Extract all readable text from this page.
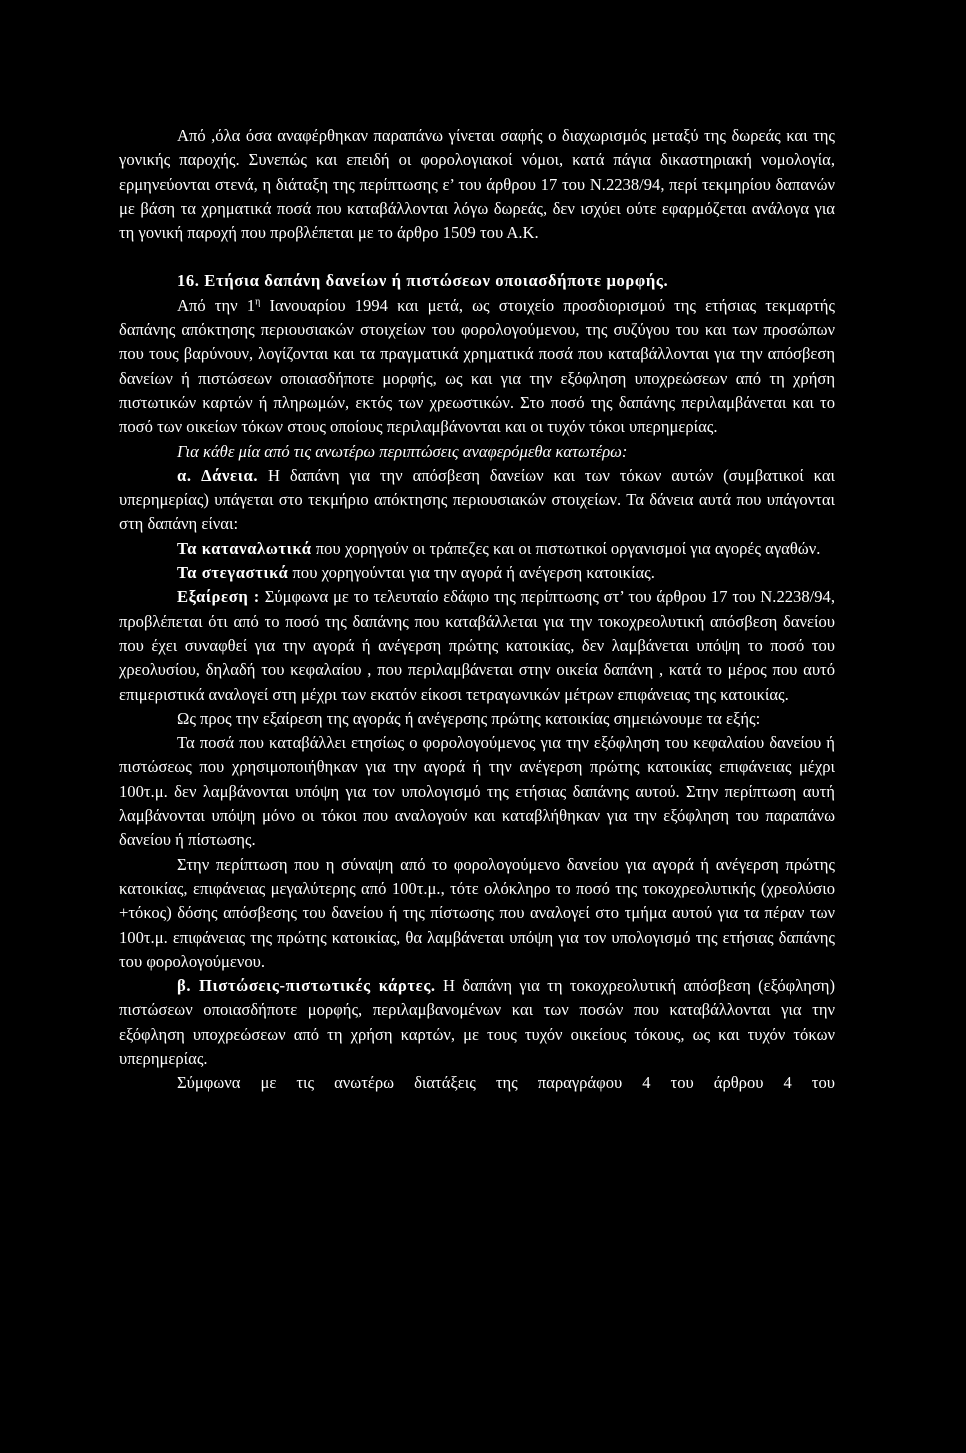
Από ,όλα όσα αναφέρθηκαν παραπάνω γίνεται σαφής ο διαχωρισμός μεταξύ της δωρεάς και της γονικής παροχής. Συνεπώς και επειδή οι φορολογιακοί νόμοι, κατά πάγια δικαστηριακή νομολογία, ερμηνεύονται στενά, η διάταξη της περίπτωσης ε’ του άρθρου 17 του Ν.2238/94, περί τεκμηρίου δαπανών με βάση τα χρηματικά ποσά που καταβάλλονται λόγω δωρεάς, δεν ισχύει ούτε εφαρμόζεται ανάλογα για τη γονική παροχή που προβλέπεται με το άρθρο 1509 του Α.Κ.

16. Ετήσια δαπάνη δανείων ή πιστώσεων οποιασδήποτε μορφής.

Από την $1^\eta$ Ιανουαρίου 1994 και μετά, ως στοιχείο προσδιορισμού της ετήσιας τεκμαρτής δαπάνης απόκτησης περιουσιακών στοιχείων του φορολογούμενου, της συζύγου του και των προσώπων που τους βαρύνουν, λογίζονται και τα πραγματικά χρηματικά ποσά που καταβάλλονται για την απόσβεση δανείων ή πιστώσεων οποιασδήποτε μορφής, ως και για την εξόφληση υποχρεώσεων από τη χρήση πιστωτικών καρτών ή πληρωμών, εκτός των χρεωστικών. Στο ποσό της δαπάνης περιλαμβάνεται και το ποσό των οικείων τόκων στους οποίους περιλαμβάνονται και οι τυχόν τόκοι υπερημερίας.

Για κάθε μία από τις ανωτέρω περιπτώσεις αναφερόμεθα κατωτέρω:

α. Δάνεια. Η δαπάνη για την απόσβεση δανείων και των τόκων αυτών (συμβατικοί και υπερημερίας) υπάγεται στο τεκμήριο απόκτησης περιουσιακών στοιχείων. Τα δάνεια αυτά που υπάγονται στη δαπάνη είναι:

Τα καταναλωτικά που χορηγούν οι τράπεζες και οι πιστωτικοί οργανισμοί για αγορές αγαθών.

Τα στεγαστικά που χορηγούνται για την αγορά ή ανέγερση κατοικίας.

Εξαίρεση : Σύμφωνα με το τελευταίο εδάφιο της περίπτωσης στ’ του άρθρου 17 του Ν.2238/94, προβλέπεται ότι από το ποσό της δαπάνης που καταβάλλεται για την τοκοχρεολυτική απόσβεση δανείου που έχει συναφθεί για την αγορά ή ανέγερση πρώτης κατοικίας, δεν λαμβάνεται υπόψη το ποσό του χρεολυσίου, δηλαδή του κεφαλαίου , που περιλαμβάνεται στην οικεία δαπάνη , κατά το μέρος που αυτό επιμεριστικά αναλογεί στη μέχρι των εκατόν είκοσι τετραγωνικών μέτρων επιφάνειας της κατοικίας.

Ως προς την εξαίρεση της αγοράς ή ανέγερσης πρώτης κατοικίας σημειώνουμε τα εξής:

Τα ποσά που καταβάλλει ετησίως ο φορολογούμενος για την εξόφληση του κεφαλαίου δανείου ή πιστώσεως που χρησιμοποιήθηκαν για την αγορά ή την ανέγερση πρώτης κατοικίας επιφάνειας μέχρι 100τ.μ. δεν λαμβάνονται υπόψη για τον υπολογισμό της ετήσιας δαπάνης αυτού. Στην περίπτωση αυτή λαμβάνονται υπόψη μόνο οι τόκοι που αναλογούν και καταβλήθηκαν για την εξόφληση του παραπάνω δανείου ή πίστωσης.

Στην περίπτωση που η σύναψη από το φορολογούμενο δανείου για αγορά ή ανέγερση πρώτης κατοικίας, επιφάνειας μεγαλύτερης από 100τ.μ., τότε ολόκληρο το ποσό της τοκοχρεολυτικής (χρεολύσιο +τόκος) δόσης απόσβεσης του δανείου ή της πίστωσης που αναλογεί στο τμήμα αυτού για τα πέραν των 100τ.μ. επιφάνειας της πρώτης κατοικίας, θα λαμβάνεται υπόψη για τον υπολογισμό της ετήσιας δαπάνης του φορολογούμενου.

β. Πιστώσεις-πιστωτικές κάρτες. Η δαπάνη για τη τοκοχρεολυτική απόσβεση (εξόφληση) πιστώσεων οποιασδήποτε μορφής, περιλαμβανομένων και των ποσών που καταβάλλονται για την εξόφληση υποχρεώσεων από τη χρήση καρτών, με τους τυχόν οικείους τόκους, ως και τυχόν τόκων υπερημερίας.

Σύμφωνα με τις ανωτέρω διατάξεις της παραγράφου 4 του άρθρου 4 του
